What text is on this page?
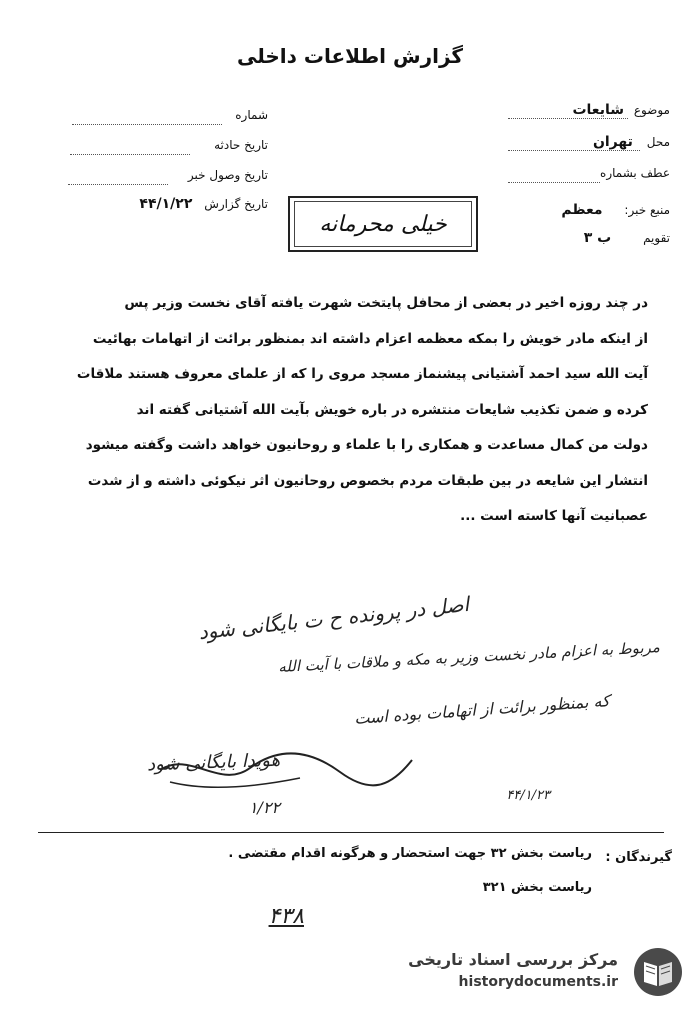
گزارش اطلاعات داخلی
موضوع شایعات
محل تهران
عطف بشماره
منبع خبر: معظم
تقویم ب ۳
شماره
تاریخ حادثه
تاریخ وصول خبر
تاریخ گزارش ۴۴/۱/۲۲
خیلی محرمانه

در چند روزه اخیر در بعضی از محافل پایتخت شهرت یافته آقای نخست وزیر پس

از اینکه مادر خویش را بمکه معظمه اعزام داشته اند بمنظور برائت از اتهامات بهائیت

آیت الله سید احمد آشتیانی پیشنماز مسجد مروی را که از علمای معروف هستند ملاقات

کرده و ضمن تکذیب شایعات منتشره در باره خویش بآیت الله آشتیانی گفته اند

دولت من کمال مساعدت و همکاری را با علماء و روحانیون خواهد داشت وگفته میشود

انتشار این شایعه در بین طبقات مردم بخصوص روحانیون اثر نیکوئی داشته و از شدت

عصبانیت آنها کاسته است ...

اصل در پرونده ح ت بایگانی شود
مربوط به اعزام مادر نخست وزیر به مکه و ملاقات با آیت الله
که بمنظور برائت از اتهامات بوده است
هویدا بایگانی شود
۴۴/۱/۲۳
۱/۲۲
گیرندگان :
ریاست بخش ۳۲ جهت استحضار و هرگونه اقدام مقتضی .
ریاست بخش ۳۲۱
۴۳۸
مرکز بررسی اسناد تاریخی
historydocuments.ir
